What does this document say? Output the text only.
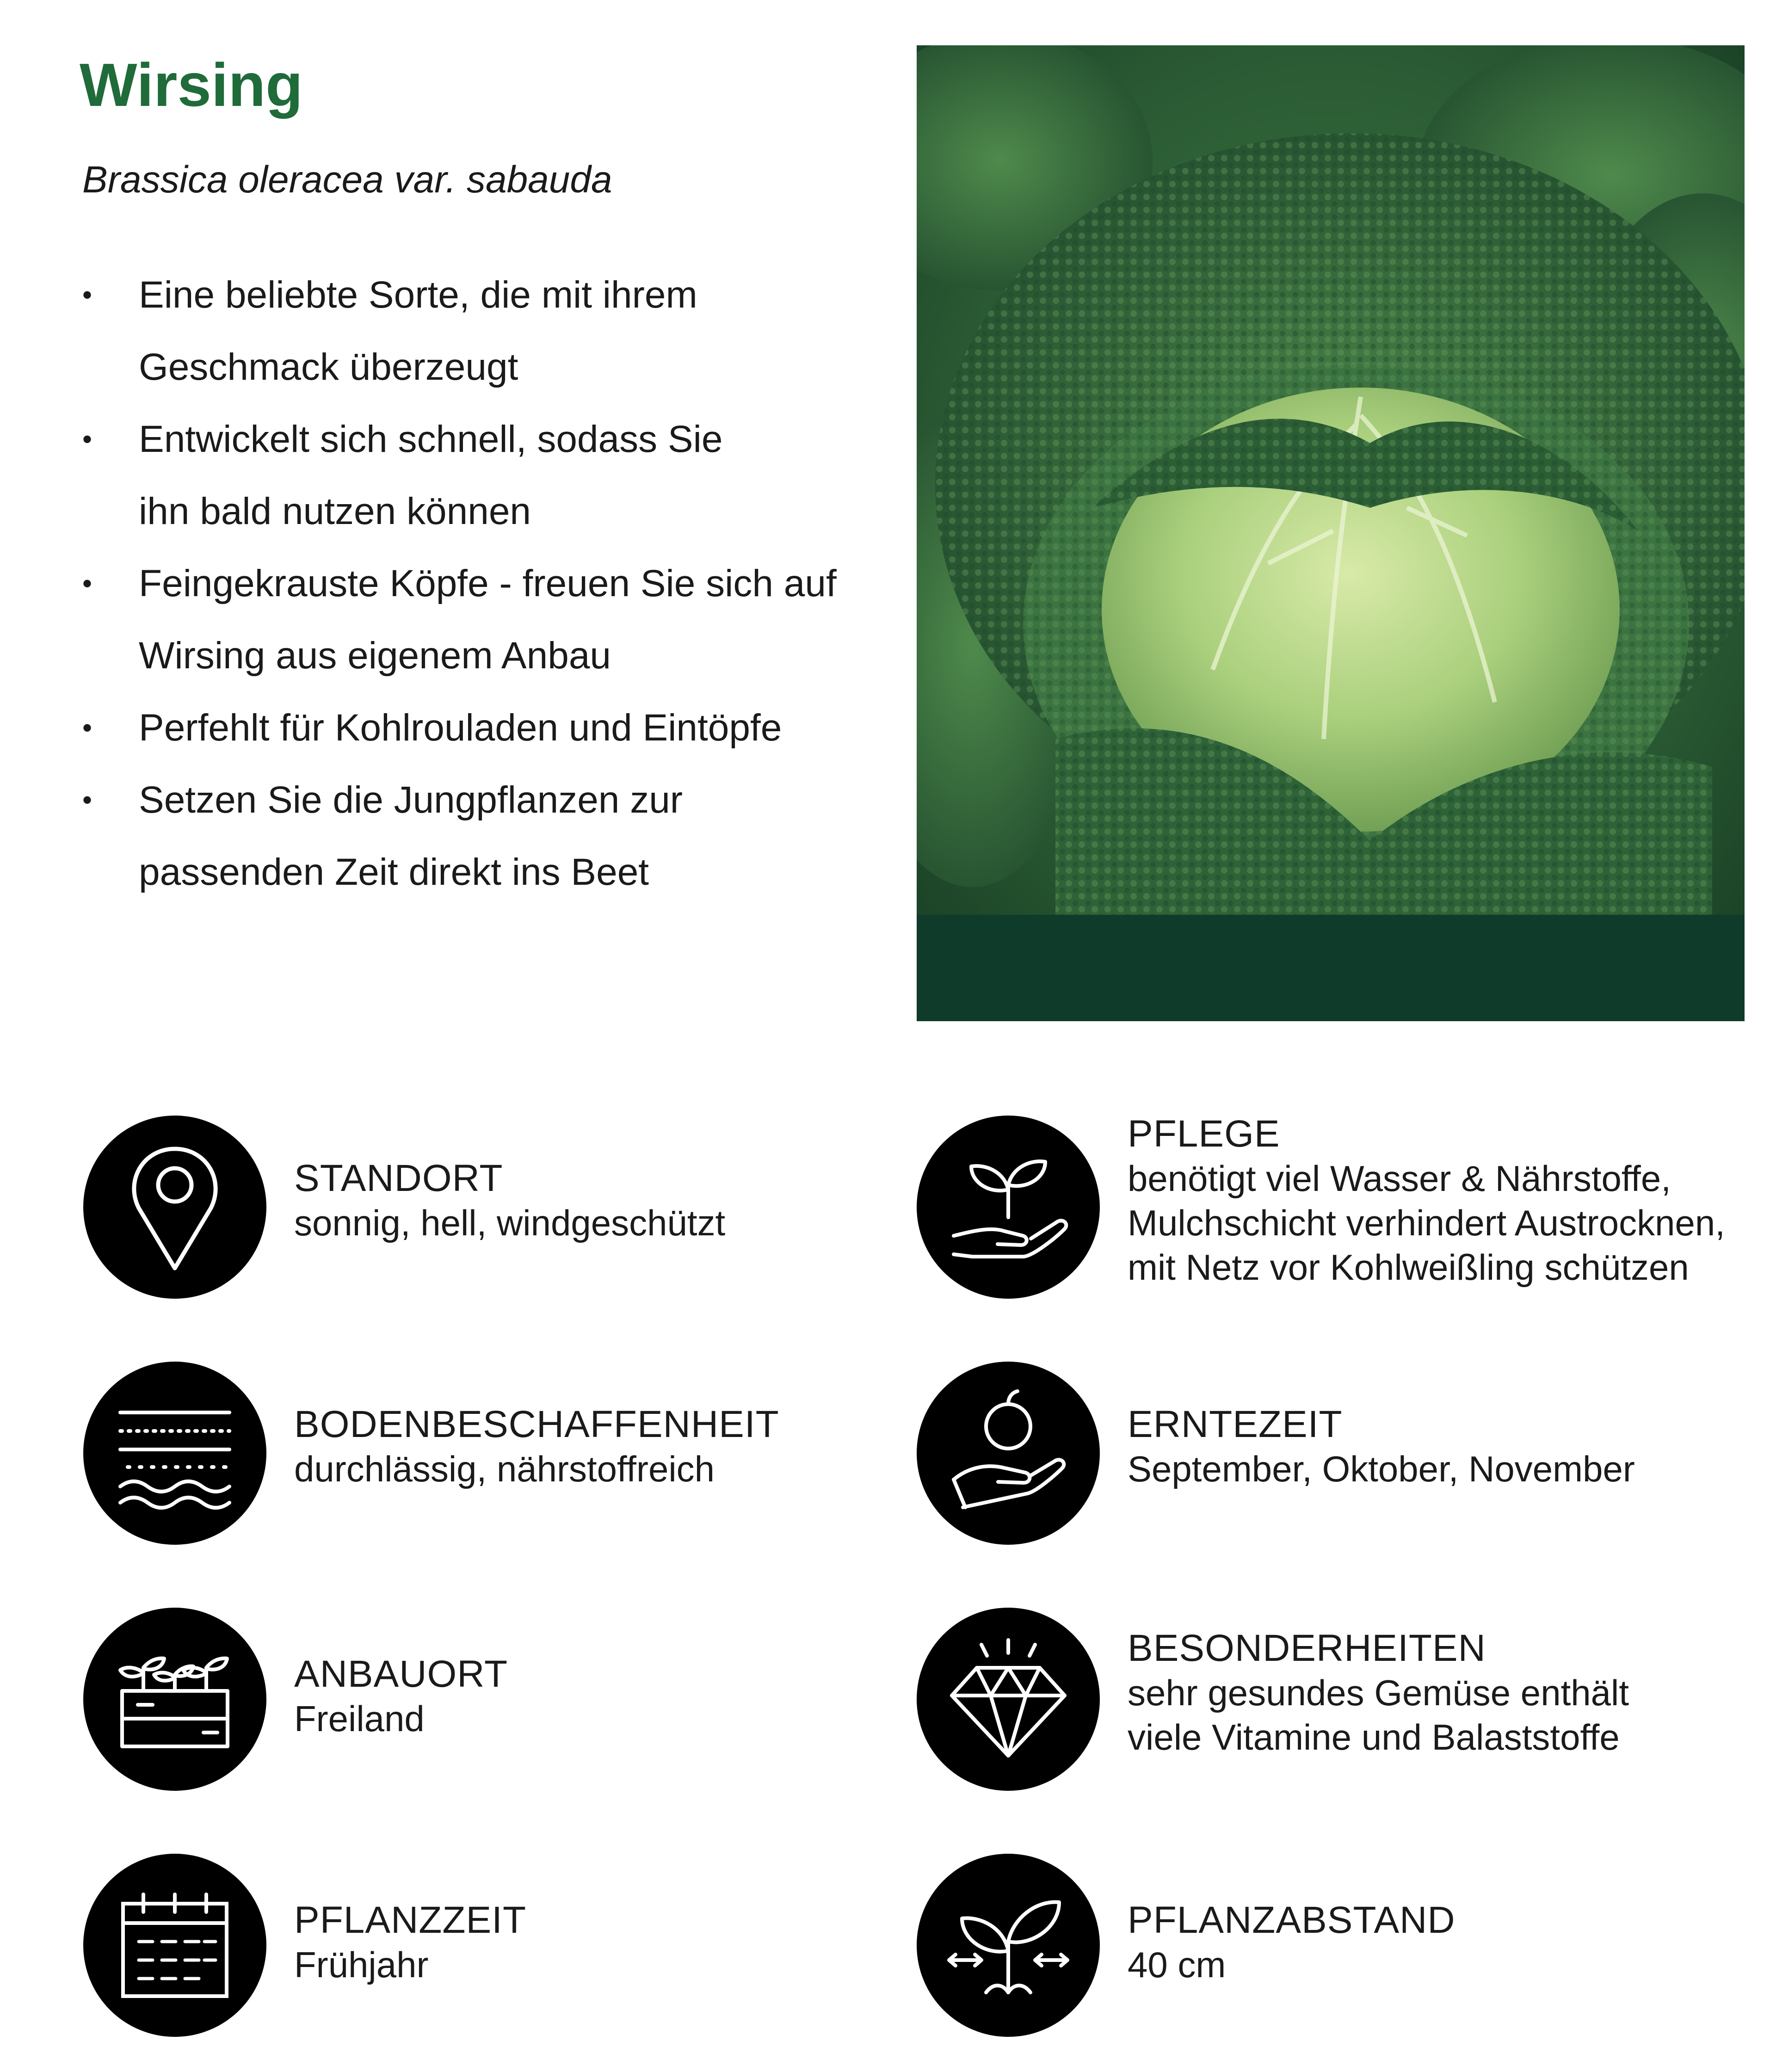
Wirsing
Brassica oleracea var. sabauda
• Eine beliebte Sorte, die mit ihrem
Geschmack überzeugt
• Entwickelt sich schnell, sodass Sie
ihn bald nutzen können
• Feingekrauste Köpfe - freuen Sie sich auf
Wirsing aus eigenem Anbau
• Perfehlt für Kohlrouladen und Eintöpfe
• Setzen Sie die Jungpflanzen zur
passenden Zeit direkt ins Beet
STANDORT
sonnig, hell, windgeschützt
BODENBESCHAFFENHEIT
durchlässig, nährstoffreich
ANBAUORT
Freiland
PFLANZZEIT
Frühjahr
PFLEGE
benötigt viel Wasser & Nährstoffe,
Mulchschicht verhindert Austrocknen,
mit Netz vor Kohlweißling schützen
ERNTEZEIT
September, Oktober, November
BESONDERHEITEN
sehr gesundes Gemüse enthält
viele Vitamine und Balaststoffe
PFLANZABSTAND
40 cm
